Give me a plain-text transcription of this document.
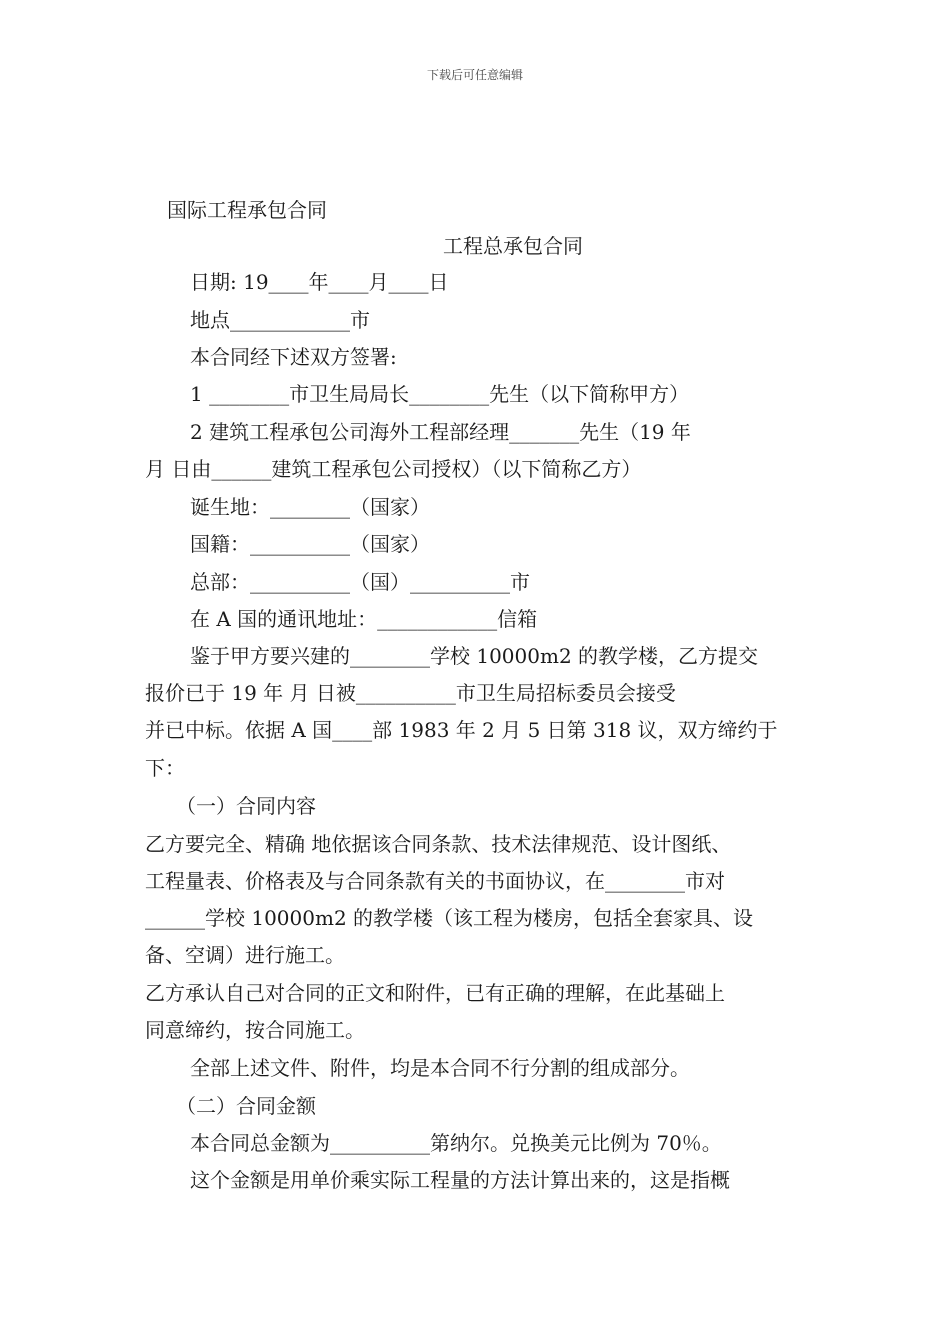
下载后可任意编辑
国际工程承包合同
工程总承包合同
日期: 19____年____月____日
地点____________市
本合同经下述双方签署:
1 ________市卫生局局长________先生（以下简称甲方）
2 建筑工程承包公司海外工程部经理_______先生（19 年
月 日由______建筑工程承包公司授权）（以下简称乙方）
诞生地：________（国家）
国籍：__________（国家）
总部：__________（国）__________市
在 A 国的通讯地址：____________信箱
鉴于甲方要兴建的________学校 10000m2 的教学楼，乙方提交
报价已于 19 年 月 日被__________市卫生局招标委员会接受
并已中标。依据 A 国____部 1983 年 2 月 5 日第 318 议，双方缔约于
下：
（一）合同内容
乙方要完全、精确 地依据该合同条款、技术法律规范、设计图纸、
工程量表、价格表及与合同条款有关的书面协议，在________市对
______学校 10000m2 的教学楼（该工程为楼房，包括全套家具、设
备、空调）进行施工。
乙方承认自己对合同的正文和附件，已有正确的理解，在此基础上
同意缔约，按合同施工。
全部上述文件、附件，均是本合同不行分割的组成部分。
（二）合同金额
本合同总金额为__________第纳尔。兑换美元比例为 70％。
这个金额是用单价乘实际工程量的方法计算出来的，这是指概
